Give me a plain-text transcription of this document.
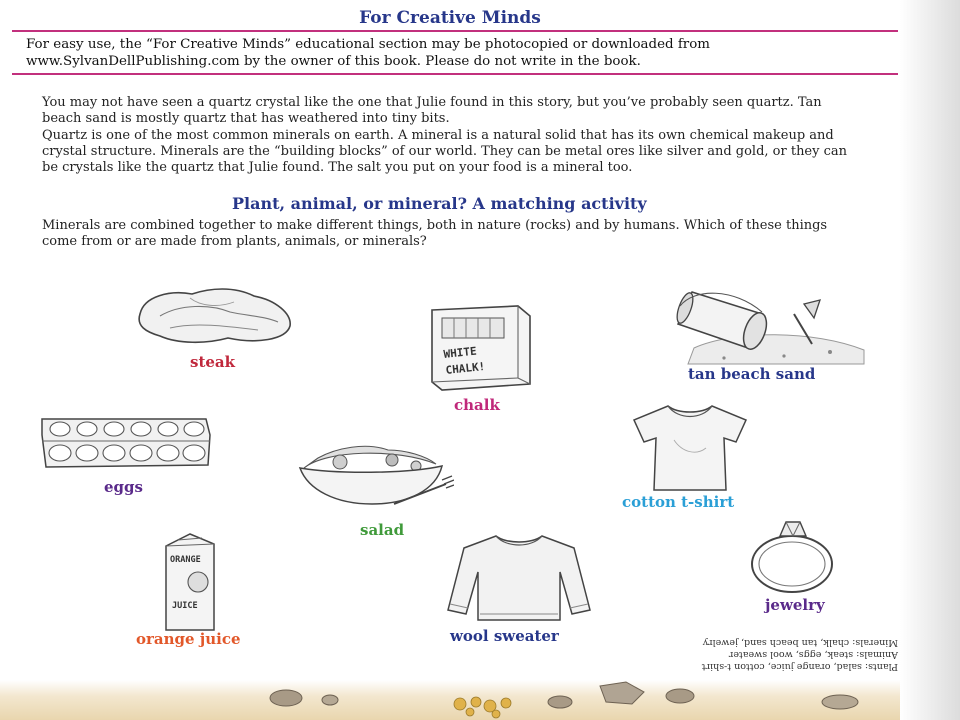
For Creative Minds
For easy use, the “For Creative Minds” educational section may be photocopied or downloaded from www.SylvanDellPublishing.com by the owner of this book. Please do not write in the book.
You may not have seen a quartz crystal like the one that Julie found in this story, but you’ve probably seen quartz. Tan beach sand is mostly quartz that has weathered into tiny bits.
Quartz is one of the most common minerals on earth. A mineral is a natural solid that has its own chemical makeup and crystal structure. Minerals are the “building blocks” of our world. They can be metal ores like silver and gold, or they can be crystals like the quartz that Julie found. The salt you put on your food is a mineral too.
Plant, animal, or mineral? A matching activity
Minerals are combined together to make different things, both in nature (rocks) and by humans. Which of these things come from or are made from plants, animals, or minerals?
steak
WHITE
CHALK!
chalk
tan beach sand
eggs
salad
cotton t-shirt
ORANGE
JUICE
orange juice	wool sweater
jewelry
Plants: salad, orange juice, cotton t-shirt
Animals: steak, eggs, wool sweater
Minerals: chalk, tan beach sand, jewelry
